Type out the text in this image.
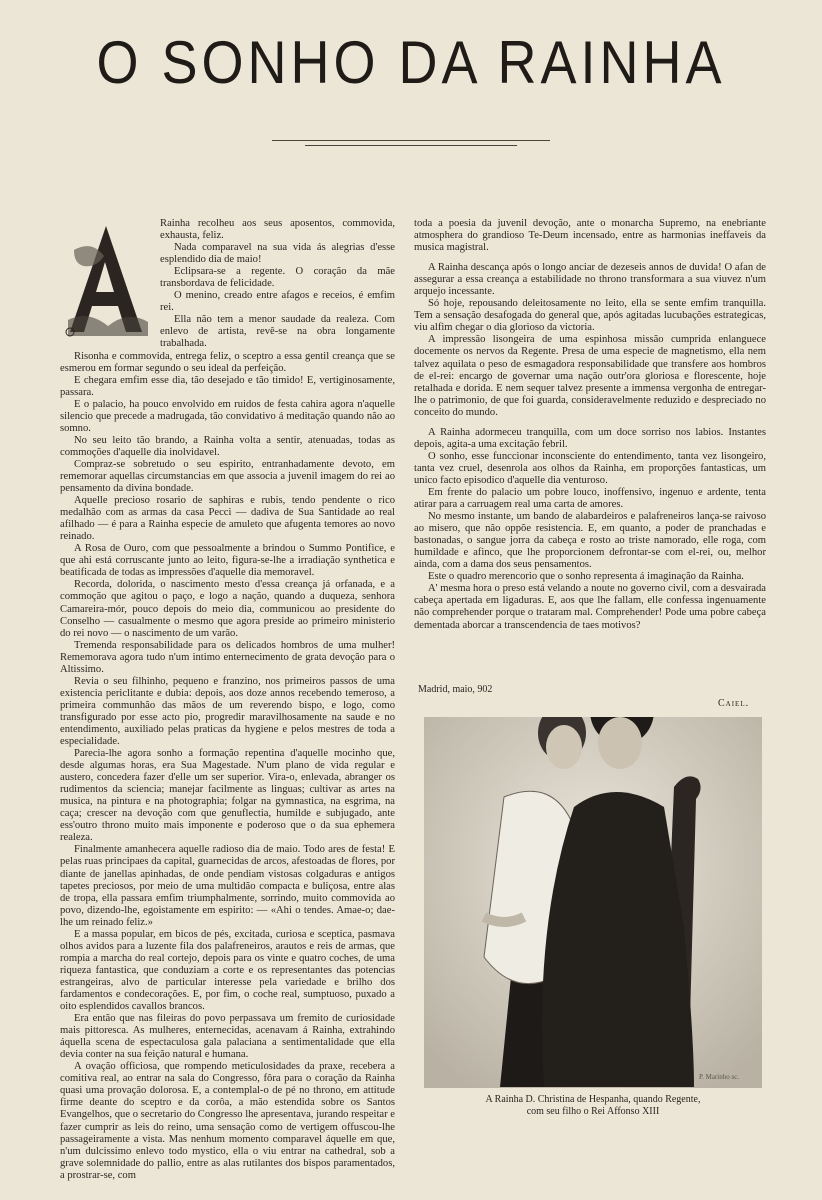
O SONHO DA RAINHA

Rainha recolheu aos seus aposentos, commovida, exhausta, feliz.

Nada comparavel na sua vida ás alegrias d'esse esplendido dia de maio!

Eclipsara-se a regente. O coração da mãe transbordava de felicidade.

O menino, creado entre afagos e receios, é emfim rei.

Ella não tem a menor saudade da realeza. Com enlevo de artista, revê-se na obra longamente trabalhada.

Risonha e commovida, entrega feliz, o sceptro a essa gentil creança que se esmerou em formar segundo o seu ideal da perfeição.

E chegara emfim esse dia, tão desejado e tão timido! E, vertiginosamente, passara.

E o palacio, ha pouco envolvido em ruidos de festa cahira agora n'aquelle silencio que precede a madrugada, tão convidativo á meditação quando não ao somno.

No seu leito tão brando, a Rainha volta a sentir, atenuadas, todas as commoções d'aquelle dia inolvidavel.

Compraz-se sobretudo o seu espirito, entranhadamente devoto, em rememorar aquellas circumstancias em que associa a juvenil imagem do rei ao pensamento da divina bondade.

Aquelle precioso rosario de saphiras e rubis, tendo pendente o rico medalhão com as armas da casa Pecci — dadiva de Sua Santidade ao real afilhado — é para a Rainha especie de amuleto que afugenta temores ao novo reinado.

A Rosa de Ouro, com que pessoalmente a brindou o Summo Pontifice, e que ahi está corruscante junto ao leito, figura-se-lhe a irradiação synthetica e beatificada de todas as impressões d'aquelle dia memoravel.

Recorda, dolorida, o nascimento mesto d'essa creança já orfanada, e a commoção que agitou o paço, e logo a nação, quando a duqueza, senhora Camareira-mór, pouco depois do meio dia, communicou ao presidente do Conselho — casualmente o mesmo que agora preside ao primeiro ministerio do rei novo — o nascimento de um varão.

Tremenda responsabilidade para os delicados hombros de uma mulher! Rememorava agora tudo n'um intimo enternecimento de grata devoção para o Altissimo.

Revia o seu filhinho, pequeno e franzino, nos primeiros passos de uma existencia periclitante e dubia: depois, aos doze annos recebendo temeroso, a primeira communhão das mãos de um reverendo bispo, e logo, como transfigurado por esse acto pio, progredir maravilhosamente na saude e no entendimento, auxiliado pelas praticas da hygiene e pelos mestres de toda a especialidade.

Parecia-lhe agora sonho a formação repentina d'aquelle mocinho que, desde algumas horas, era Sua Magestade. N'um plano de vida regular e austero, concedera fazer d'elle um ser superior. Vira-o, enlevada, abranger os rudimentos da sciencia; manejar facilmente as linguas; cultivar as artes na musica, na pintura e na photographia; folgar na gymnastica, na esgrima, na caça; crescer na devoção com que genuflectia, humilde e subjugado, ante ess'outro throno muito mais imponente e poderoso que o da sua ephemera realeza.

Finalmente amanhecera aquelle radioso dia de maio. Todo ares de festa! E pelas ruas principaes da capital, guarnecidas de arcos, afestoadas de flores, por diante de janellas apinhadas, de onde pendiam vistosas colgaduras e antigos tapetes preciosos, por meio de uma multidão compacta e buliçosa, entre alas de tropa, ella passara emfim triumphalmente, sorrindo, muito commovida ao povo, dizendo-lhe, egoistamente em espirito: — «Ahi o tendes. Amae-o; dae-lhe um reinado feliz.»

E a massa popular, em bicos de pés, excitada, curiosa e sceptica, pasmava olhos avidos para a luzente fila dos palafreneiros, arautos e reis de armas, que rompia a marcha do real cortejo, depois para os vinte e quatro coches, de uma riqueza fantastica, que conduziam a corte e os representantes das potencias estrangeiras, alvo de particular interesse pela variedade e brilho dos fardamentos e condecorações. E, por fim, o coche real, sumptuoso, puxado a oito esplendidos cavallos brancos.

Era então que nas fileiras do povo perpassava um fremito de curiosidade mais pittoresca. As mulheres, enternecidas, acenavam á Rainha, extrahindo áquella scena de espectaculosa gala palaciana a sentimentalidade que ella devia conter na sua feição natural e humana.

A ovação officiosa, que rompendo meticulosidades da praxe, recebera a comitiva real, ao entrar na sala do Congresso, fôra para o coração da Rainha quasi uma provação dolorosa. E, a contemplal-o de pé no throno, em attitude firme deante do sceptro e da corôa, a mão estendida sobre os Santos Evangelhos, que o secretario do Congresso lhe apresentava, jurando respeitar e fazer cumprir as leis do reino, uma sensação como de vertigem offuscou-lhe passageiramente a vista. Mas nenhum momento comparavel áquelle em que, n'um dulcissimo enlevo todo mystico, ella o viu entrar na cathedral, sob a grave solemnidade do pallio, entre as alas rutilantes dos bispos paramentados, a prostrar-se, com

toda a poesia da juvenil devoção, ante o monarcha Supremo, na enebriante atmosphera do grandioso Te-Deum incensado, entre as harmonias ineffaveis da musica magistral.

A Rainha descança após o longo anciar de dezeseis annos de duvida! O afan de assegurar a essa creança a estabilidade no throno transformara a sua viuvez n'um arquejo incessante.

Só hoje, repousando deleitosamente no leito, ella se sente emfim tranquilla. Tem a sensação desafogada do general que, após agitadas lucubações estrategicas, viu alfim chegar o dia glorioso da victoria.

A impressão lisongeira de uma espinhosa missão cumprida enlanguece docemente os nervos da Regente. Presa de uma especie de magnetismo, ella nem talvez aquilata o peso de esmagadora responsabilidade que transfere aos hombros de el-rei: encargo de governar uma nação outr'ora gloriosa e florescente, hoje retalhada e dorida. E nem sequer talvez presente a immensa vergonha de entregar-lhe o patrimonio, de que foi guarda, consideravelmente reduzido e despreciado no conceito do mundo.

A Rainha adormeceu tranquilla, com um doce sorriso nos labios. Instantes depois, agita-a uma excitação febril.

O sonho, esse funccionar inconsciente do entendimento, tanta vez lisongeiro, tanta vez cruel, desenrola aos olhos da Rainha, em proporções fantasticas, um unico facto episodico d'aquelle dia venturoso.

Em frente do palacio um pobre louco, inoffensivo, ingenuo e ardente, tenta atirar para a carruagem real uma carta de amores.

No mesmo instante, um bando de alabardeiros e palafreneiros lança-se raivoso ao misero, que não oppõe resistencia. E, em quanto, a poder de pranchadas e bastonadas, o sangue jorra da cabeça e rosto ao triste namorado, elle roga, com humildade e afinco, que lhe proporcionem defrontar-se com el-rei, ou, melhor ainda, com a dama dos seus pensamentos.

Este o quadro merencorio que o sonho representa á imaginação da Rainha.

A' mesma hora o preso está velando a noute no governo civil, com a desvairada cabeça apertada em ligaduras. E, aos que lhe fallam, elle confessa ingenuamente não comprehender porque o trataram mal. Comprehender! Pode uma pobre cabeça dementada aborcar a transcendencia de taes motivos?

Madrid, maio, 902
Caiel.
P. Marinho sc.
A Rainha D. Christina de Hespanha, quando Regente,
com seu filho o Rei Affonso XIII
